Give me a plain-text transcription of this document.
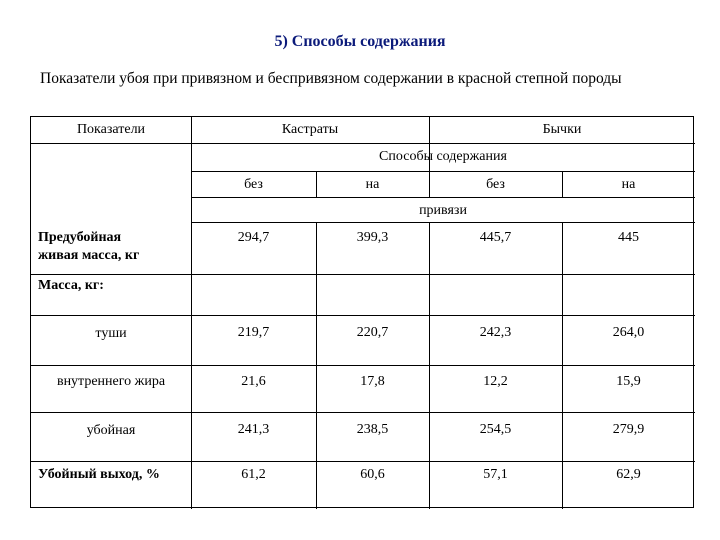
5) Способы содержания
Показатели убоя при привязном и беспривязном содержании в красной степной породы
Показатели	Кастраты	Бычки
Способы содержания
без	на	без	на
привязи
Предубойная
живая масса, кг
294,7	399,3	445,7	445
Масса, кг:
туши	219,7	220,7	242,3	264,0
внутреннего жира	21,6	17,8	12,2	15,9
убойная	241,3	238,5	254,5	279,9
Убойный выход, %	61,2	60,6	57,1	62,9
